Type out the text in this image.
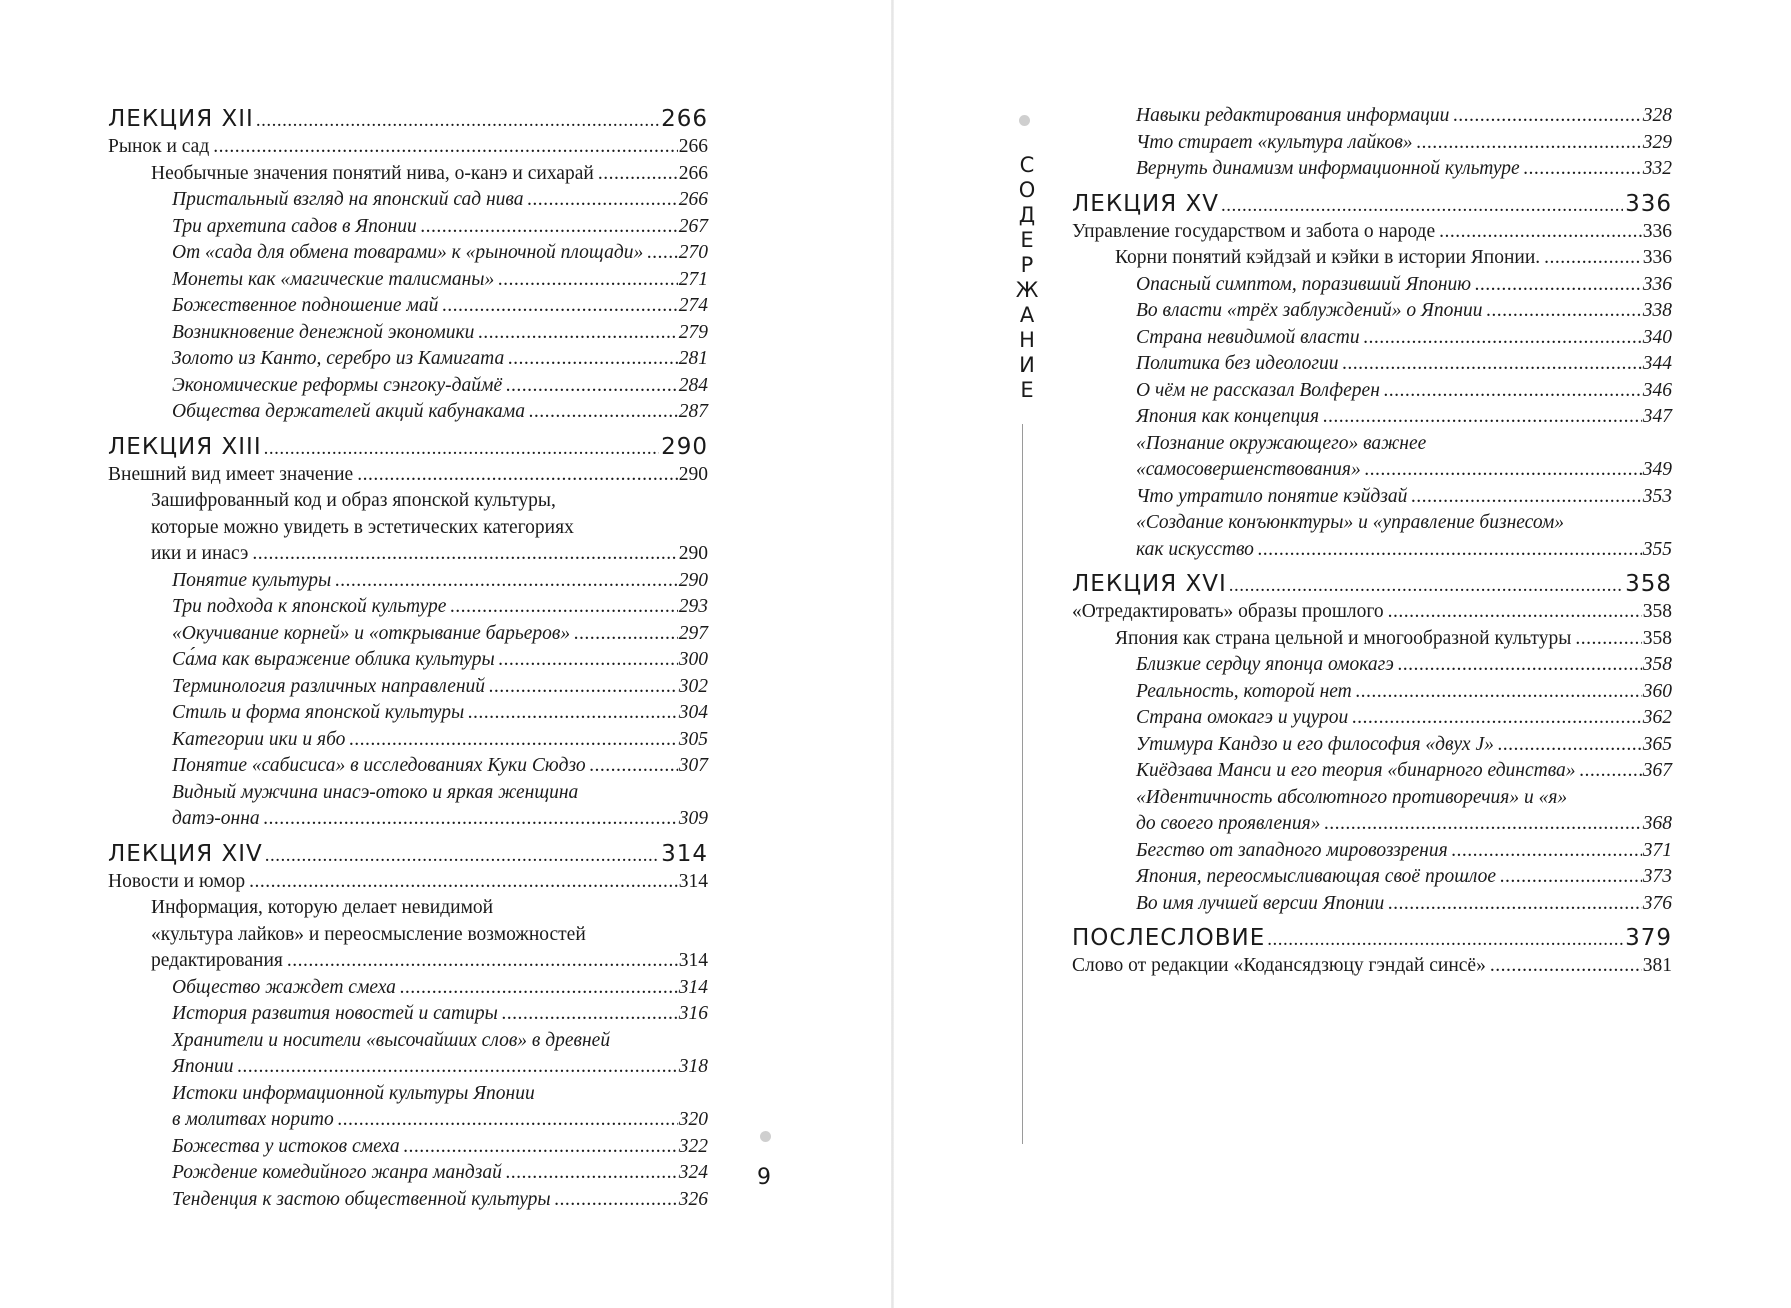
ЛЕКЦИЯ XII .....	266
Рынок и сад .....	266
Необычные значения понятий нива, о-канэ и сихарай .....	266
Пристальный взгляд на японский сад нива .....	266
Три архетипа садов в Японии .....	267
От «сада для обмена товарами» к «рыночной площади» ..... 270
Монеты как «магические талисманы» .....	271
Божественное подношение май .....	274
Возникновение денежной экономики .....	279
Золото из Канто, серебро из Камигата .....	281
Экономические реформы сэнгоку-даймё .....	284
Общества держателей акций кабунакама .....	287
ЛЕКЦИЯ XIII .....	290
Внешний вид имеет значение .....	290
Зашифрованный код и образ японской культуры,
которые можно увидеть в эстетических категориях
ики и инасэ .....	290
Понятие культуры .....	290
Три подхода к японской культуре .....	293
«Окучивание корней» и «открывание барьеров» .....	297
Са́ма как выражение облика культуры .....	300
Терминология различных направлений .....	302
Стиль и форма японской культуры .....	304
Категории ики и ябо .....	305
Понятие «сабисиса» в исследованиях Куки Сюдзо .....	307
Видный мужчина инасэ-отоко и яркая женщина
датэ-онна .....	309
ЛЕКЦИЯ XIV .....	314
Новости и юмор .....	314
Информация, которую делает невидимой
«культура лайков» и переосмысление возможностей
редактирования .....	314
Общество жаждет смеха .....	314
История развития новостей и сатиры .....	316
Хранители и носители «высочайших слов» в древней
Японии .....	318
Истоки информационной культуры Японии
в молитвах норито .....	320
Божества у истоков смеха .....	322
Рождение комедийного жанра мандзай .....	324
Тенденция к застою общественной культуры .....	326
Навыки редактирования информации .....	328
Что стирает «культура лайков» .....	329
Вернуть динамизм информационной культуре .....	332
ЛЕКЦИЯ XV .....	336
Управление государством и забота о народе .....	336
Корни понятий кэйдзай и кэйки в истории Японии. .....	336
Опасный симптом, поразивший Японию .....	336
Во власти «трёх заблуждений» о Японии .....	338
Страна невидимой власти .....	340
Политика без идеологии .....	344
О чём не рассказал Волферен .....	346
Япония как концепция .....	347
«Познание окружающего» важнее
«самосовершенствования» .....	349
Что утратило понятие кэйдзай .....	353
«Создание конъюнктуры» и «управление бизнесом»
как искусство .....	355
ЛЕКЦИЯ XVI .....	358
«Отредактировать» образы прошлого .....	358
Япония как страна цельной и многообразной культуры .....	358
Близкие сердцу японца омокагэ .....	358
Реальность, которой нет .....	360
Страна омокагэ и уцурои .....	362
Утимура Кандзо и его философия «двух J» .....	365
Киёдзава Манси и его теория «бинарного единства» .....	367
«Идентичность абсолютного противоречия» и «я»
до своего проявления» .....	368
Бегство от западного мировоззрения .....	371
Япония, переосмысливающая своё прошлое .....	373
Во имя лучшей версии Японии .....	376
ПОСЛЕСЛОВИЕ .....	379
Слово от редакции «Кодансядзюцу гэндай синсё» .....	381
С
О
Д
Е
Р
Ж
А
Н
И
Е
9
